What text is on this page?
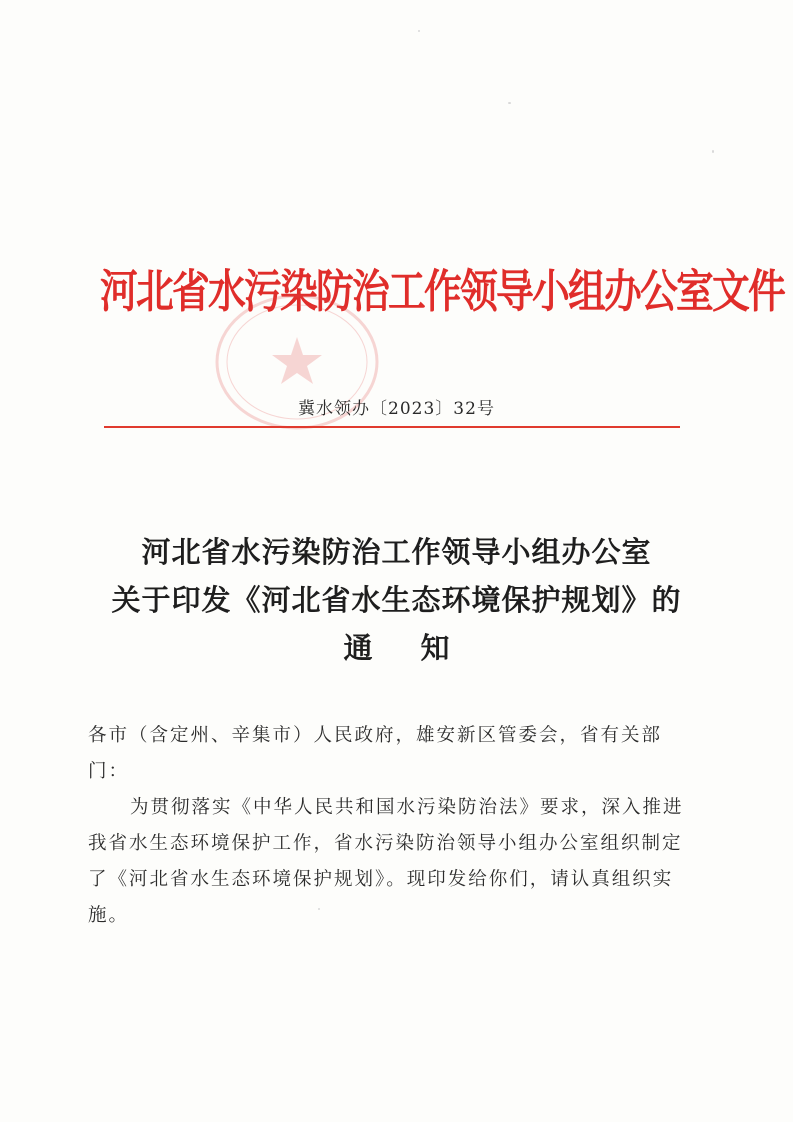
河北省水污染防治工作领导小组办公室文件
冀水领办〔2023〕32号
河北省水污染防治工作领导小组办公室
关于印发《河北省水生态环境保护规划》的
通知
各市（含定州、辛集市）人民政府，雄安新区管委会，省有关部门：
为贯彻落实《中华人民共和国水污染防治法》要求，深入推进我省水生态环境保护工作，省水污染防治领导小组办公室组织制定了《河北省水生态环境保护规划》。现印发给你们，请认真组织实施。
